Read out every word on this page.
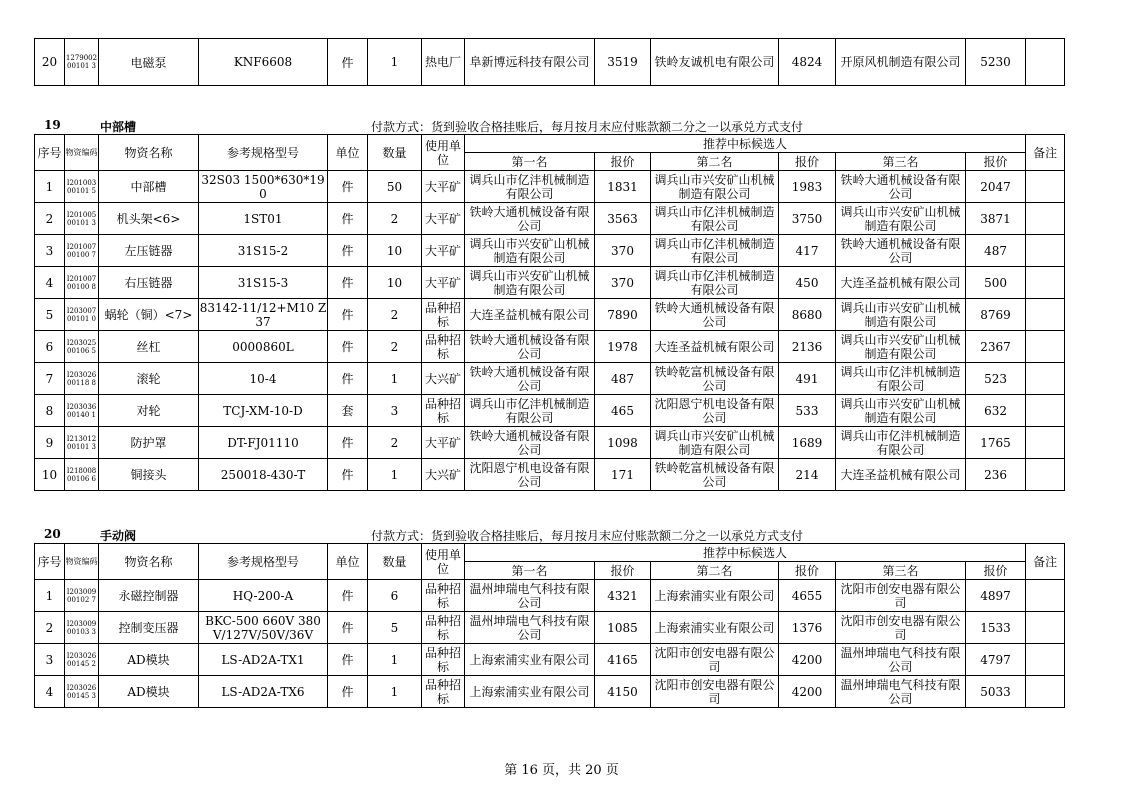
20	127900200101 3	电磁泵	KNF6608	件	1	热电厂	阜新博远科技有限公司	3519	铁岭友诚机电有限公司	4824	开原风机制造有限公司	5230	
19	中部槽	付款方式：货到验收合格挂账后，每月按月末应付账款额二分之一以承兑方式支付
序号	物资编码	物资名称	参考规格型号	单位	数量	使用单位	推荐中标候选人						备注
							第一名	报价	第二名	报价	第三名	报价	
1	I20100300101 5	中部槽	32S03 1500*630*190	件	50	大平矿	调兵山市亿沣机械制造有限公司	1831	调兵山市兴安矿山机械制造有限公司	1983	铁岭大通机械设备有限公司	2047	
2	I20100500101 3	机头架<6>	1ST01	件	2	大平矿	铁岭大通机械设备有限公司	3563	调兵山市亿沣机械制造有限公司	3750	调兵山市兴安矿山机械制造有限公司	3871	
3	I20100700100 7	左压链器	31S15-2	件	10	大平矿	调兵山市兴安矿山机械制造有限公司	370	调兵山市亿沣机械制造有限公司	417	铁岭大通机械设备有限公司	487	
4	I20100700100 8	右压链器	31S15-3	件	10	大平矿	调兵山市兴安矿山机械制造有限公司	370	调兵山市亿沣机械制造有限公司	450	大连圣益机械有限公司	500	
5	I20300700101 0	蜗轮（铜）<7>	83142-11/12+M10 Z37	件	2	品种招标	大连圣益机械有限公司	7890	铁岭大通机械设备有限公司	8680	调兵山市兴安矿山机械制造有限公司	8769	
6	I20302500106 5	丝杠	0000860L	件	2	品种招标	铁岭大通机械设备有限公司	1978	大连圣益机械有限公司	2136	调兵山市兴安矿山机械制造有限公司	2367	
7	I20302600118 8	滚轮	10-4	件	1	大兴矿	铁岭大通机械设备有限公司	487	铁岭乾富机械设备有限公司	491	调兵山市亿沣机械制造有限公司	523	
8	I20303600140 1	对轮	TCJ-XM-10-D	套	3	品种招标	调兵山市亿沣机械制造有限公司	465	沈阳恩宁机电设备有限公司	533	调兵山市兴安矿山机械制造有限公司	632	
9	I21301200101 3	防护罩	DT-FJ01110	件	2	大平矿	铁岭大通机械设备有限公司	1098	调兵山市兴安矿山机械制造有限公司	1689	调兵山市亿沣机械制造有限公司	1765	
10	I21800800106 6	铜接头	250018-430-T	件	1	大兴矿	沈阳恩宁机电设备有限公司	171	铁岭乾富机械设备有限公司	214	大连圣益机械有限公司	236	
20	手动阀	付款方式：货到验收合格挂账后，每月按月末应付账款额二分之一以承兑方式支付
序号	物资编码	物资名称	参考规格型号	单位	数量	使用单位	推荐中标候选人						备注
							第一名	报价	第二名	报价	第三名	报价	
1	I20300900102 7	永磁控制器	HQ-200-A	件	6	品种招标	温州坤瑞电气科技有限公司	4321	上海索浦实业有限公司	4655	沈阳市创安电器有限公司	4897	
2	I20300900103 3	控制变压器	BKC-500 660V 380V/127V/50V/36V	件	5	品种招标	温州坤瑞电气科技有限公司	1085	上海索浦实业有限公司	1376	沈阳市创安电器有限公司	1533	
3	I20302600145 2	AD模块	LS-AD2A-TX1	件	1	品种招标	上海索浦实业有限公司	4165	沈阳市创安电器有限公司	4200	温州坤瑞电气科技有限公司	4797	
4	I20302600145 3	AD模块	LS-AD2A-TX6	件	1	品种招标	上海索浦实业有限公司	4150	沈阳市创安电器有限公司	4200	温州坤瑞电气科技有限公司	5033	
第 16 页，共 20 页
